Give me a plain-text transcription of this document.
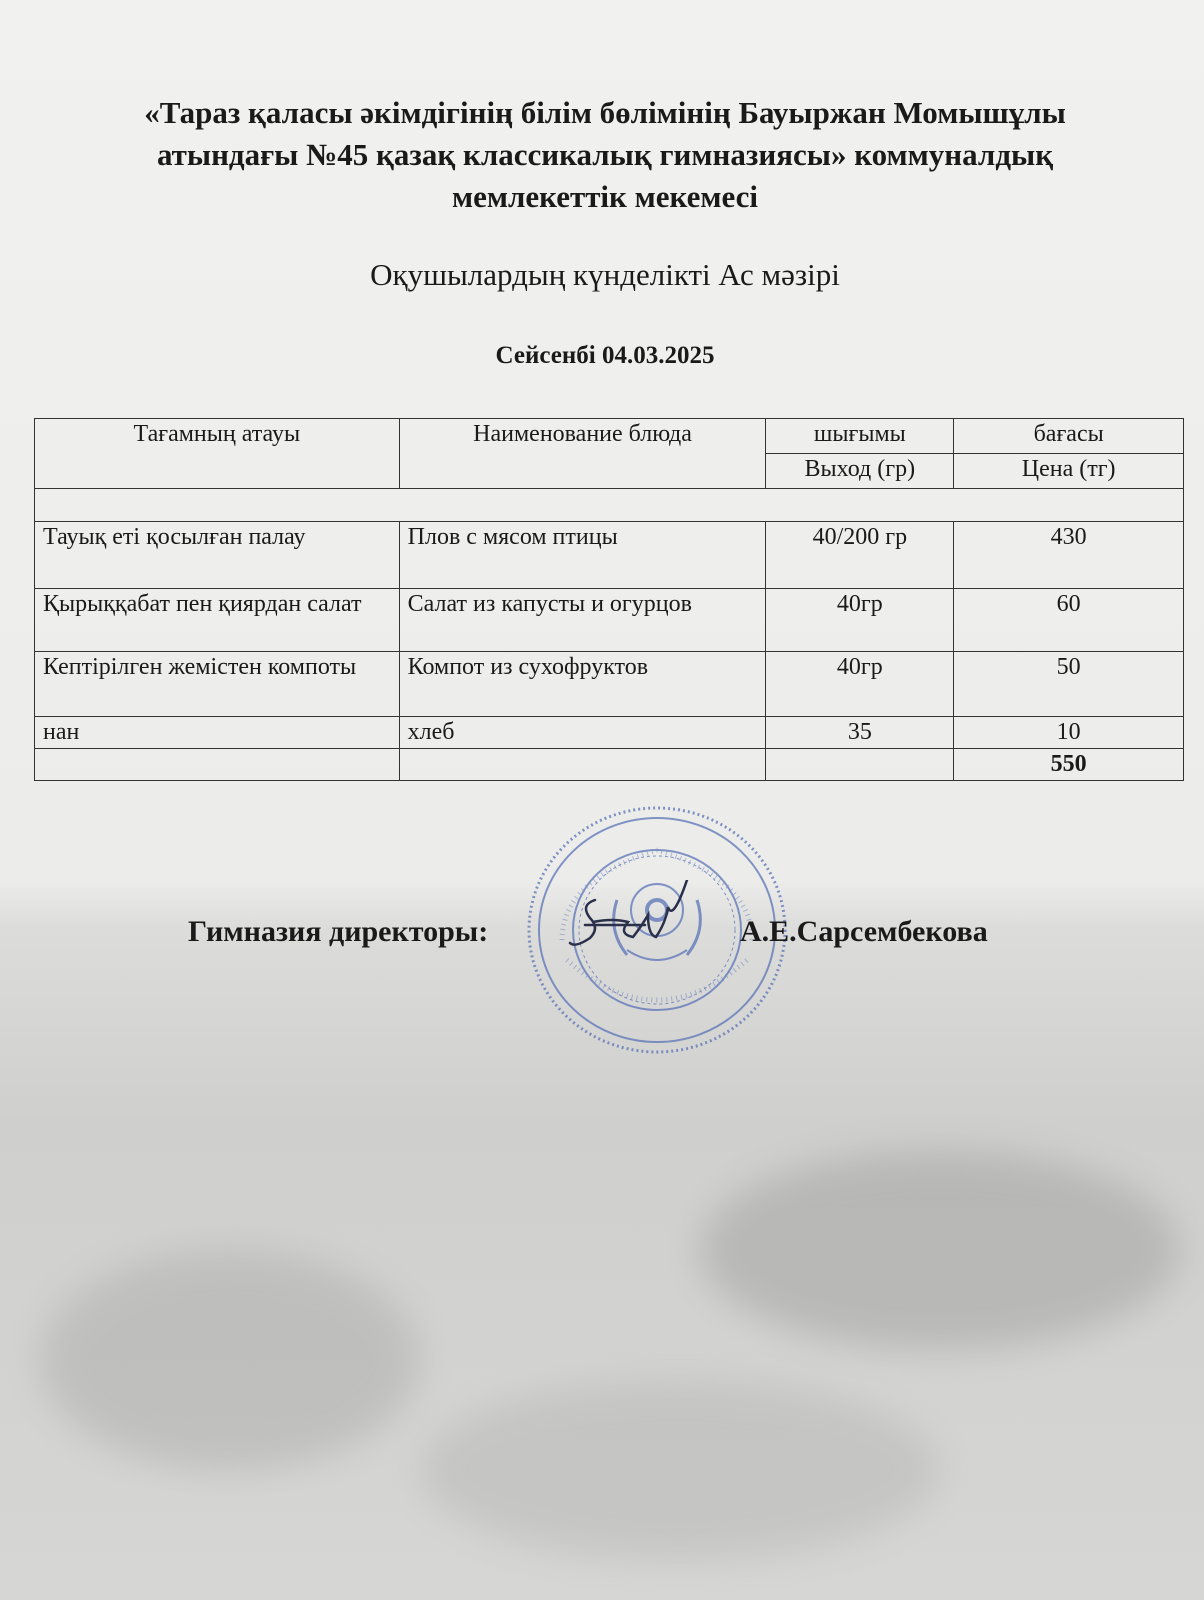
«Тараз қаласы әкімдігінің білім бөлімінің Бауыржан Момышұлы
атындағы №45 қазақ классикалық гимназиясы» коммуналдық
мемлекеттік мекемесі
Оқушылардың күнделікті Ас мәзірі
Сейсенбі 04.03.2025
Тағамның атауы	Наименование блюда	шығымы	бағасы
		Выход (гр)	Цена (тг)

Тауық еті қосылған палау	Плов с мясом птицы	40/200 гр	430
Қырыққабат пен қиярдан салат	Салат из капусты и огурцов	40гр	60
Кептірілген жемістен компоты	Компот из сухофруктов	40гр	50
нан	хлеб	35	10
			550
Гимназия директоры:	А.Е.Сарсембекова
